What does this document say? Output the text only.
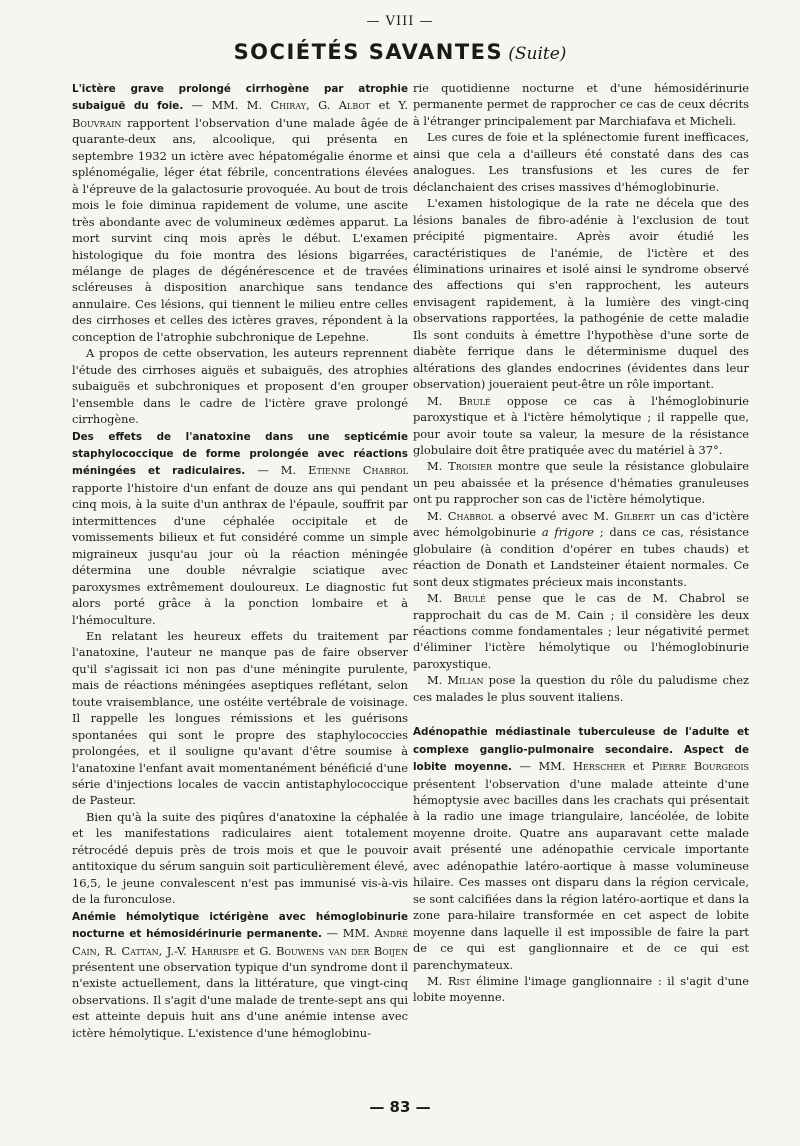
— VIII —
SOCIÉTÉS SAVANTES (Suite)

L'ictère grave prolongé cirrhogène par atrophie subaiguë du foie. — MM. M. Chiray, G. Albot et Y. Bouvrain rapportent l'observation d'une malade âgée de quarante-deux ans, alcoolique, qui présenta en septembre 1932 un ictère avec hépatomégalie énorme et splénomégalie, léger état fébrile, concentrations élevées à l'épreuve de la galactosurie provoquée. Au bout de trois mois le foie diminua rapidement de volume, une ascite très abondante avec de volumineux œdèmes apparut. La mort survint cinq mois après le début. L'examen histologique du foie montra des lésions bigarrées, mélange de plages de dégénérescence et de travées scléreuses à disposition anarchique sans tendance annulaire. Ces lésions, qui tiennent le milieu entre celles des cirrhoses et celles des ictères graves, répondent à la conception de l'atrophie subchronique de Lepehne.

A propos de cette observation, les auteurs reprennent l'étude des cirrhoses aiguës et subaiguës, des atrophies subaiguës et subchroniques et proposent d'en grouper l'ensemble dans le cadre de l'ictère grave prolongé cirrhogène.

Des effets de l'anatoxine dans une septicémie staphylococcique de forme prolongée avec réactions méningées et radiculaires. — M. Etienne Chabrol rapporte l'histoire d'un enfant de douze ans qui pendant cinq mois, à la suite d'un anthrax de l'épaule, souffrit par intermittences d'une céphalée occipitale et de vomissements bilieux et fut considéré comme un simple migraineux jusqu'au jour où la réaction méningée détermina une double névralgie sciatique avec paroxysmes extrêmement douloureux. Le diagnostic fut alors porté grâce à la ponction lombaire et à l'hémoculture.

En relatant les heureux effets du traitement par l'anatoxine, l'auteur ne manque pas de faire observer qu'il s'agissait ici non pas d'une méningite purulente, mais de réactions méningées aseptiques reflétant, selon toute vraisemblance, une ostéite vertébrale de voisinage. Il rappelle les longues rémissions et les guérisons spontanées qui sont le propre des staphylococcies prolongées, et il souligne qu'avant d'être soumise à l'anatoxine l'enfant avait momentanément bénéficié d'une série d'injections locales de vaccin antistaphylococcique de Pasteur.

Bien qu'à la suite des piqûres d'anatoxine la céphalée et les manifestations radiculaires aient totalement rétrocédé depuis près de trois mois et que le pouvoir antitoxique du sérum sanguin soit particulièrement élevé, 16,5, le jeune convalescent n'est pas immunisé vis-à-vis de la furonculose.

Anémie hémolytique ictérigène avec hémoglobinurie nocturne et hémosidérinurie permanente. — MM. André Cain, R. Cattan, J.-V. Harrispe et G. Bouwens van der Boijen présentent une observation typique d'un syndrome dont il n'existe actuellement, dans la littérature, que vingt-cinq observations. Il s'agit d'une malade de trente-sept ans qui est atteinte depuis huit ans d'une anémie intense avec ictère hémolytique. L'existence d'une hémoglobinu-

rie quotidienne nocturne et d'une hémosidérinurie permanente permet de rapprocher ce cas de ceux décrits à l'étranger principalement par Marchiafava et Micheli.

Les cures de foie et la splénectomie furent inefficaces, ainsi que cela a d'ailleurs été constaté dans des cas analogues. Les transfusions et les cures de fer déclanchaient des crises massives d'hémoglobinurie.

L'examen histologique de la rate ne décela que des lésions banales de fibro-adénie à l'exclusion de tout précipité pigmentaire. Après avoir étudié les caractéristiques de l'anémie, de l'ictère et des éliminations urinaires et isolé ainsi le syndrome observé des affections qui s'en rapprochent, les auteurs envisagent rapidement, à la lumière des vingt-cinq observations rapportées, la pathogénie de cette maladie Ils sont conduits à émettre l'hypothèse d'une sorte de diabète ferrique dans le déterminisme duquel des altérations des glandes endocrines (évidentes dans leur observation) joueraient peut-être un rôle important.

M. Brulé oppose ce cas à l'hémoglobinurie paroxystique et à l'ictère hémolytique ; il rappelle que, pour avoir toute sa valeur, la mesure de la résistance globulaire doit être pratiquée avec du matériel à 37°.

M. Troisier montre que seule la résistance globulaire un peu abaissée et la présence d'hématies granuleuses ont pu rapprocher son cas de l'ictère hémolytique.

M. Chabrol a observé avec M. Gilbert un cas d'ictère avec hémolgobinurie a frigore ; dans ce cas, résistance globulaire (à condition d'opérer en tubes chauds) et réaction de Donath et Landsteiner étaient normales. Ce sont deux stigmates précieux mais inconstants.

M. Brulé pense que le cas de M. Chabrol se rapprochait du cas de M. Cain ; il considère les deux réactions comme fondamentales ; leur négativité permet d'éliminer l'ictère hémolytique ou l'hémoglobinurie paroxystique.

M. Milian pose la question du rôle du paludisme chez ces malades le plus souvent italiens.

Adénopathie médiastinale tuberculeuse de l'adulte et complexe ganglio-pulmonaire secondaire. Aspect de lobite moyenne. — MM. Herscher et Pierre Bourgeois présentent l'observation d'une malade atteinte d'une hémoptysie avec bacilles dans les crachats qui présentait à la radio une image triangulaire, lancéolée, de lobite moyenne droite. Quatre ans auparavant cette malade avait présenté une adénopathie cervicale importante avec adénopathie latéro-aortique à masse volumineuse hilaire. Ces masses ont disparu dans la région cervicale, se sont calcifiées dans la région latéro-aortique et dans la zone para-hilaire transformée en cet aspect de lobite moyenne dans laquelle il est impossible de faire la part de ce qui est ganglionnaire et de ce qui est parenchymateux.

M. Rist élimine l'image ganglionnaire : il s'agit d'une lobite moyenne.

— 83 —
